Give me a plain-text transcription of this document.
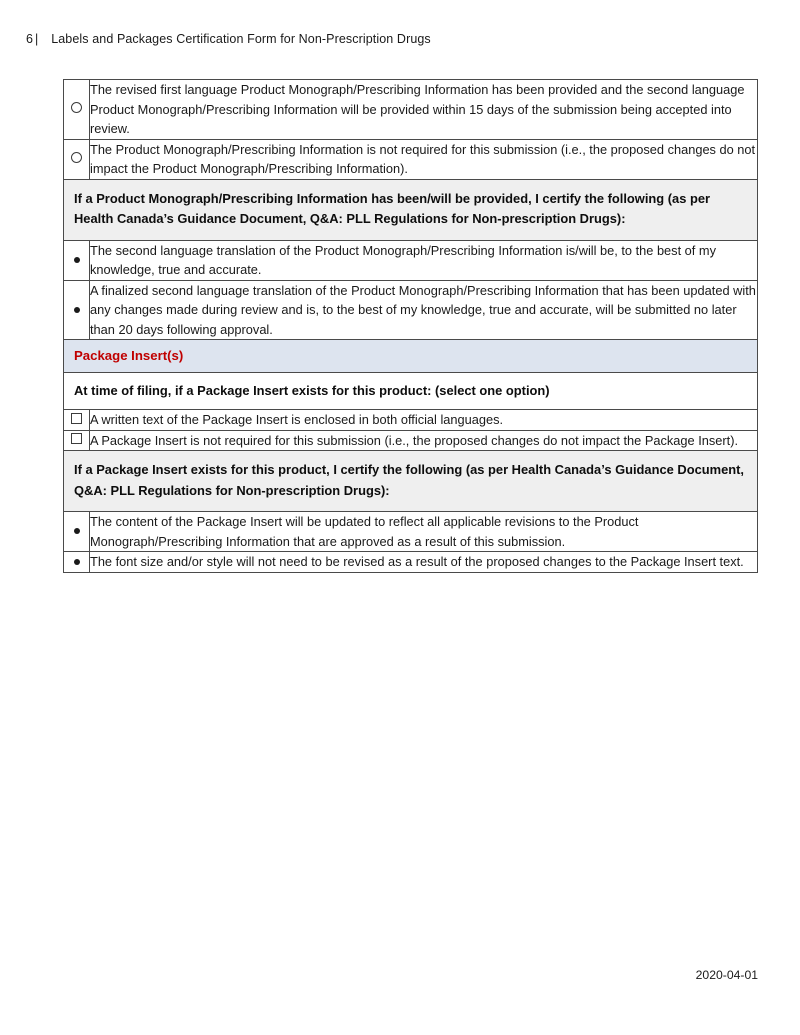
6 | Labels and Packages Certification Form for Non-Prescription Drugs

	The revised first language Product Monograph/Prescribing Information has been provided and the second language Product Monograph/Prescribing Information will be provided within 15 days of the submission being accepted into review.

	The Product Monograph/Prescribing Information is not required for this submission (i.e., the proposed changes do not impact the Product Monograph/Prescribing Information).

If a Product Monograph/Prescribing Information has been/will be provided, I certify the following (as per Health Canada’s Guidance Document, Q&A: PLL Regulations for Non-prescription Drugs):	

	The second language translation of the Product Monograph/Prescribing Information is/will be, to the best of my knowledge, true and accurate.

	A finalized second language translation of the Product Monograph/Prescribing Information that has been updated with any changes made during review and is, to the best of my knowledge, true and accurate, will be submitted no later than 20 days following approval.

Package Insert(s)	
At time of filing, if a Package Insert exists for this product: (select one option)	

	A written text of the Package Insert is enclosed in both official languages.

	A Package Insert is not required for this submission (i.e., the proposed changes do not impact the Package Insert).

If a Package Insert exists for this product, I certify the following (as per Health Canada’s Guidance Document, Q&A: PLL Regulations for Non-prescription Drugs):	

	The content of the Package Insert will be updated to reflect all applicable revisions to the Product Monograph/Prescribing Information that are approved as a result of this submission.

	The font size and/or style will not need to be revised as a result of the proposed changes to the Package Insert text.

2020-04-01
